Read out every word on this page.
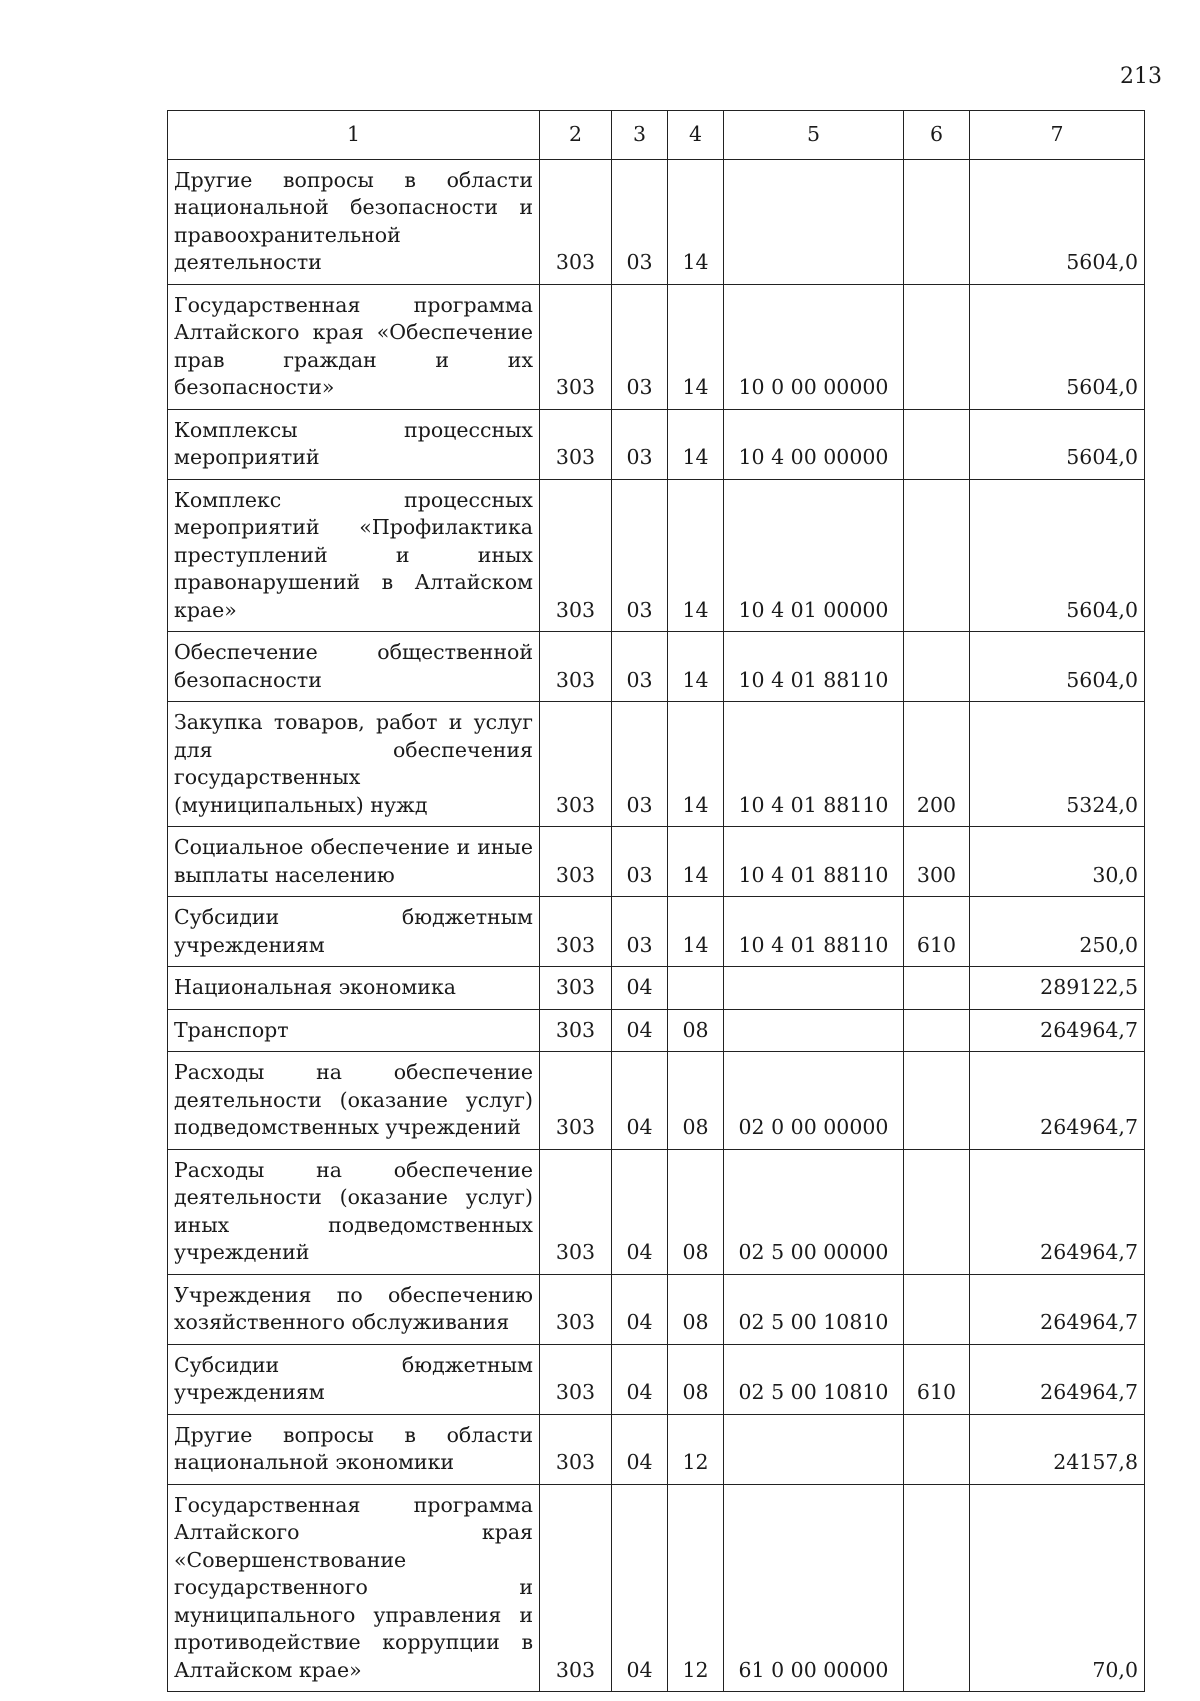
213
1	2	3	4	5	6	7
Другие вопросы в области национальной безопасности и правоохранительной деятельности	303	03	14			5604,0
Государственная программа Алтайского края «Обеспечение прав граждан и их безопасности»	303	03	14	10 0 00 00000		5604,0
Комплексы процессных мероприятий	303	03	14	10 4 00 00000		5604,0
Комплекс процессных мероприятий «Профилактика преступлений и иных правонарушений в Алтайском крае»	303	03	14	10 4 01 00000		5604,0
Обеспечение общественной безопасности	303	03	14	10 4 01 88110		5604,0
Закупка товаров, работ и услуг для обеспечения государственных (муниципальных) нужд	303	03	14	10 4 01 88110	200	5324,0
Социальное обеспечение и иные выплаты населению	303	03	14	10 4 01 88110	300	30,0
Субсидии бюджетным учреждениям	303	03	14	10 4 01 88110	610	250,0
Национальная экономика	303	04				289122,5
Транспорт	303	04	08			264964,7
Расходы на обеспечение деятельности (оказание услуг) подведомственных учреждений	303	04	08	02 0 00 00000		264964,7
Расходы на обеспечение деятельности (оказание услуг) иных подведомственных учреждений	303	04	08	02 5 00 00000		264964,7
Учреждения по обеспечению хозяйственного обслуживания	303	04	08	02 5 00 10810		264964,7
Субсидии бюджетным учреждениям	303	04	08	02 5 00 10810	610	264964,7
Другие вопросы в области национальной экономики	303	04	12			24157,8
Государственная программа Алтайского края «Совершенствование государственного и муниципального управления и противодействие коррупции в Алтайском крае»	303	04	12	61 0 00 00000		70,0
